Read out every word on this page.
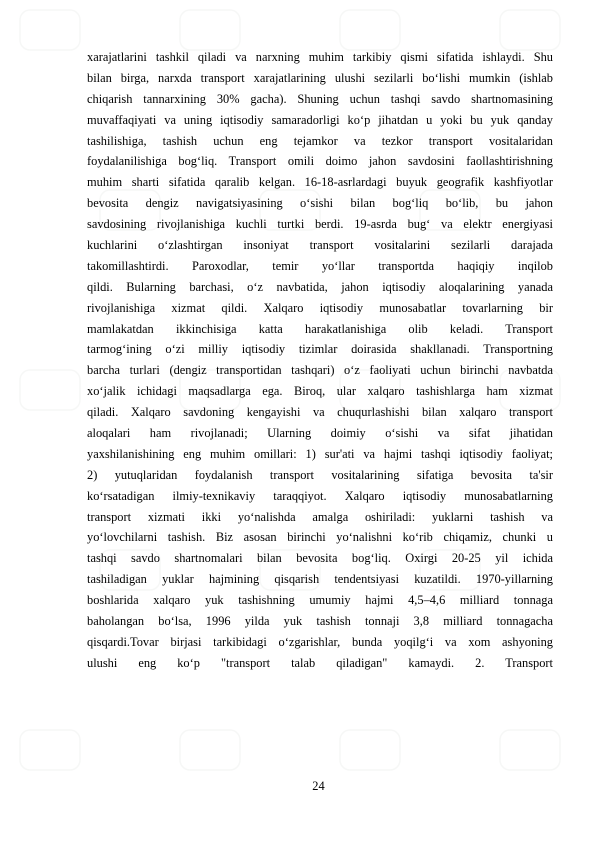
xarajatlarini tashkil qiladi va narxning muhim tarkibiy qismi sifatida ishlaydi. Shu
bilan birga, narxda transport xarajatlarining ulushi sezilarli bo‘lishi mumkin (ishlab
chiqarish tannarxining 30% gacha). Shuning uchun tashqi savdo shartnomasining
muvaffaqiyati va uning iqtisodiy samaradorligi ko‘p jihatdan u yoki bu yuk qanday
tashilishiga, tashish uchun eng tejamkor va tezkor transport vositalaridan
foydalanilishiga bog‘liq. Transport omili doimo jahon savdosini faollashtirishning
muhim sharti sifatida qaralib kelgan. 16-18-asrlardagi buyuk geografik kashfiyotlar
bevosita dengiz navigatsiyasining o‘sishi bilan bog‘liq bo‘lib, bu jahon
savdosining rivojlanishiga kuchli turtki berdi. 19-asrda bug‘ va elektr energiyasi
kuchlarini o‘zlashtirgan insoniyat transport vositalarini sezilarli darajada
takomillashtirdi. Paroxodlar, temir yo‘llar transportda haqiqiy inqilob
qildi. Bularning barchasi, o‘z navbatida, jahon iqtisodiy aloqalarining yanada
rivojlanishiga xizmat qildi. Xalqaro iqtisodiy munosabatlar tovarlarning bir
mamlakatdan ikkinchisiga katta harakatlanishiga olib keladi. Transport
tarmog‘ining o‘zi milliy iqtisodiy tizimlar doirasida shakllanadi. Transportning
barcha turlari (dengiz transportidan tashqari) o‘z faoliyati uchun birinchi navbatda
xo‘jalik ichidagi maqsadlarga ega. Biroq, ular xalqaro tashishlarga ham xizmat
qiladi. Xalqaro savdoning kengayishi va chuqurlashishi bilan xalqaro transport
aloqalari ham rivojlanadi; Ularning doimiy o‘sishi va sifat jihatidan
yaxshilanishining eng muhim omillari: 1) sur'ati va hajmi tashqi iqtisodiy faoliyat;
2) yutuqlaridan foydalanish transport vositalarining sifatiga bevosita ta'sir
ko‘rsatadigan ilmiy-texnikaviy taraqqiyot. Xalqaro iqtisodiy munosabatlarning
transport xizmati ikki yo‘nalishda amalga oshiriladi: yuklarni tashish va
yo‘lovchilarni tashish. Biz asosan birinchi yo‘nalishni ko‘rib chiqamiz, chunki u
tashqi savdo shartnomalari bilan bevosita bog‘liq. Oxirgi 20-25 yil ichida
tashiladigan yuklar hajmining qisqarish tendentsiyasi kuzatildi. 1970-yillarning
boshlarida xalqaro yuk tashishning umumiy hajmi 4,5–4,6 milliard tonnaga
baholangan bo‘lsa, 1996 yilda yuk tashish tonnaji 3,8 milliard tonnagacha
qisqardi.Tovar birjasi tarkibidagi o‘zgarishlar, bunda yoqilg‘i va xom ashyoning
ulushi eng ko‘p "transport talab qiladigan" kamaydi. 2. Transport
24
